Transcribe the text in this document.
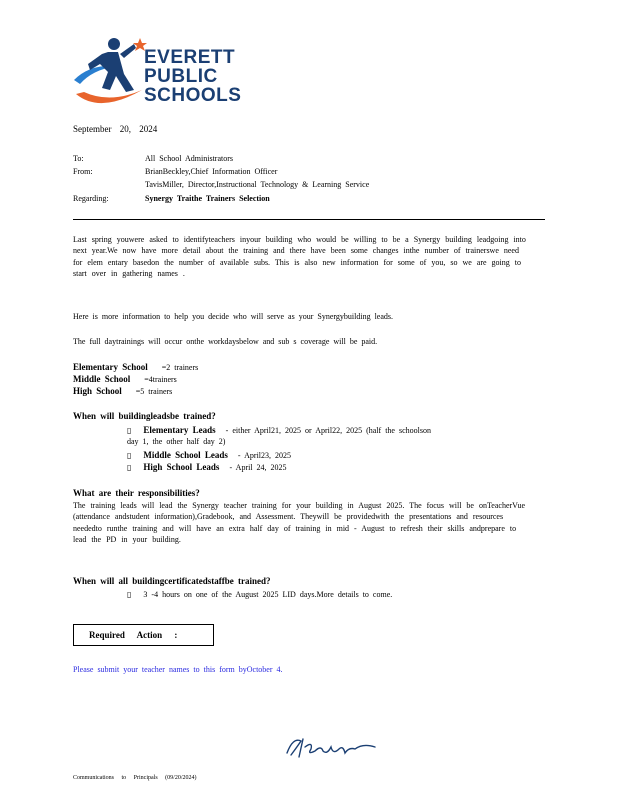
EVERETT
PUBLIC
SCHOOLS
September 20, 2024
To:	All School Administrators
From:	BrianBeckley,Chief Information Officer
TavisMiller, Director,Instructional Technology & Learning Service
Regarding:	Synergy Traithe Trainers Selection
Last spring youwere asked to identifyteachers inyour building who would be willing to be a Synergy building leadgoing into next year.We now have more detail about the training and there have been some changes inthe number of trainerswe need for elem entary basedon the number of available subs. This is also new information for some of you, so we are going to start over in gathering names .
Here is more information to help you decide who will serve as your Synergybuilding leads.
The full daytrainings will occur onthe workdaysbelow and sub s coverage will be paid.
Elementary School =2 trainers
Middle School =4trainers
High School =5 trainers
When will buildingleadsbe trained?
▯ Elementary Leads - either April21, 2025 or April22, 2025 (half the schoolson
day 1, the other half day 2)
▯ Middle School Leads - April23, 2025
▯ High School Leads - April 24, 2025
What are their responsibilities?
The training leads will lead the Synergy teacher training for your building in August 2025. The focus will be onTeacherVue (attendance andstudent information),Gradebook, and Assessment. Theywill be providedwith the presentations and resources neededto runthe training and will have an extra half day of training in mid - August to refresh their skills andprepare to lead the PD in your building.
When will all buildingcertificatedstaffbe trained?
▯ 3 -4 hours on one of the August 2025 LID days.More details to come.
Required Action :
Please submit your teacher names to this form byOctober 4.
Communications to Principals (09/20/2024)
